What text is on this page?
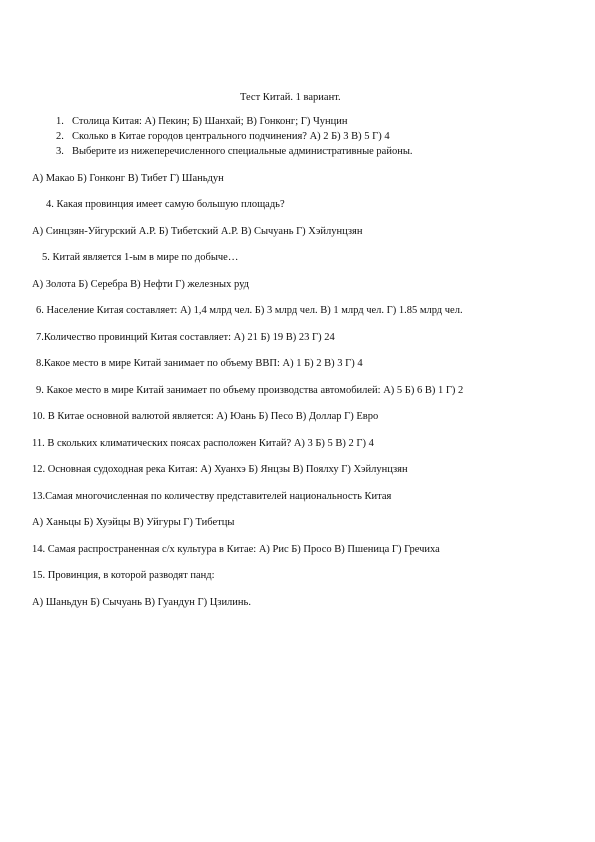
Тест Китай. 1 вариант.
1. Столица Китая: А) Пекин; Б) Шанхай; В) Гонконг; Г) Чунцин
2. Сколько в Китае городов центрального подчинения? А) 2 Б) 3 В) 5 Г) 4
3. Выберите из нижеперечисленного специальные административные районы.
А) Макао Б) Гонконг В) Тибет Г) Шаньдун
4. Какая провинция имеет самую большую площадь?
А) Синцзян-Уйгурский А.Р. Б) Тибетский А.Р. В) Сычуань Г) Хэйлунцзян
5. Китай является 1-ым в мире по добыче…
А) Золота Б) Серебра В) Нефти Г) железных руд
6. Население Китая составляет: А) 1,4 млрд чел. Б) 3 млрд чел. В) 1 млрд чел. Г) 1.85 млрд чел.
7.Количество провинций Китая составляет: А) 21 Б) 19 В) 23 Г) 24
8.Какое место в мире Китай занимает по объему ВВП: А) 1 Б) 2 В) 3 Г) 4
9. Какое место в мире Китай занимает по объему производства автомобилей: А) 5 Б) 6 В) 1 Г) 2
10. В Китае основной валютой является: А) Юань Б) Песо В) Доллар Г) Евро
11. В скольких климатических поясах расположен Китай? А) 3 Б) 5 В) 2 Г) 4
12. Основная судоходная река Китая: А) Хуанхэ Б) Янцзы В) Поялху Г) Хэйлунцзян
13.Самая многочисленная по количеству представителей национальность Китая
А) Ханьцы Б) Хуэйцы В) Уйгуры Г) Тибетцы
14. Самая распространенная с/х культура в Китае: А) Рис Б) Просо В) Пшеница Г) Гречиха
15. Провинция, в которой разводят панд:
А) Шаньдун Б) Сычуань В) Гуандун Г) Цзилинь.
